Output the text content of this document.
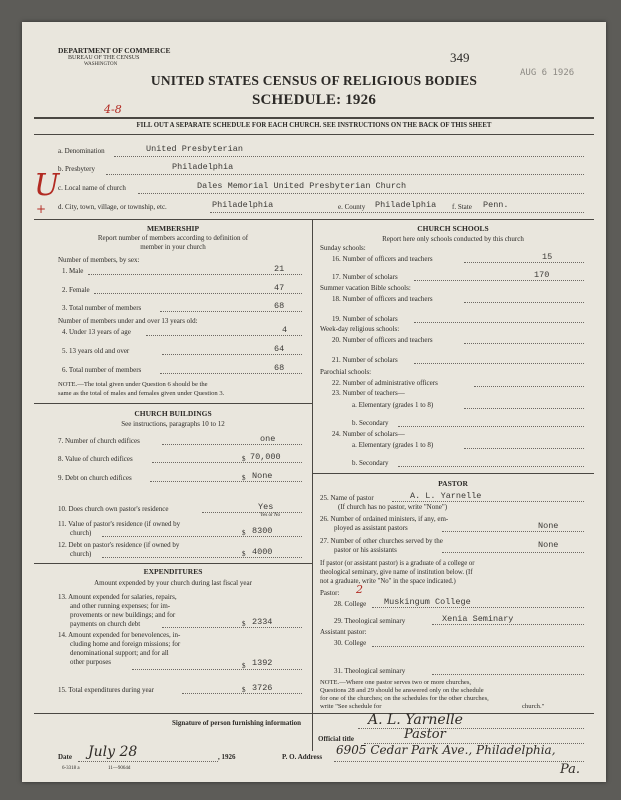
DEPARTMENT OF COMMERCE
BUREAU OF THE CENSUS
WASHINGTON	349
AUG 6 1926
UNITED STATES CENSUS OF RELIGIOUS BODIES
SCHEDULE: 1926
4-8
FILL OUT A SEPARATE SCHEDULE FOR EACH CHURCH. SEE INSTRUCTIONS ON THE BACK OF THIS SHEET
a. Denomination	United Presbyterian
b. Presbytery	Philadelphia
c. Local name of church	Dales Memorial United Presbyterian Church
U
+ d. City, town, village, or township, etc.	Philadelphia	e. County Philadelphia f. State Penn.
MEMBERSHIP
Report number of members according to definition of
member in your church
Number of members, by sex:
1. Male	21
2. Female	47
3. Total number of members	68
Number of members under and over 13 years old:
4. Under 13 years of age	4
5. 13 years old and over	64
6. Total number of members	68
NOTE.—The total given under Question 6 should be the
same as the total of males and females given under Question 3.
CHURCH BUILDINGS
See instructions, paragraphs 10 to 12
7. Number of church edifices	one
8. Value of church edifices	$ 70,000
9. Debt on church edifices	$ None
10. Does church own pastor's residence	Yes
Yes or No
11. Value of pastor's residence (if owned by
church)	$ 8300
12. Debt on pastor's residence (if owned by
church)	$ 4000
EXPENDITURES
Amount expended by your church during last fiscal year
13. Amount expended for salaries, repairs,
and other running expenses; for im-
provements or new buildings; and for
payments on church debt	$ 2334
14. Amount expended for benevolences, in-
cluding home and foreign missions; for
denominational support; and for all
other purposes	$ 1392
15. Total expenditures during year	$ 3726
CHURCH SCHOOLS
Report here only schools conducted by this church
Sunday schools:
16. Number of officers and teachers	15
17. Number of scholars	170
Summer vacation Bible schools:
18. Number of officers and teachers
19. Number of scholars
Week-day religious schools:
20. Number of officers and teachers
21. Number of scholars
Parochial schools:
22. Number of administrative officers
23. Number of teachers—
a. Elementary (grades 1 to 8)
b. Secondary
24. Number of scholars—
a. Elementary (grades 1 to 8)
b. Secondary
PASTOR
25. Name of pastor	A. L. Yarnelle
(If church has no pastor, write "None")
26. Number of ordained ministers, if any, em-
ployed as assistant pastors	None
27. Number of other churches served by the
pastor or his assistants	None
If pastor (or assistant pastor) is a graduate of a college or
theological seminary, give name of institution below. (If
not a graduate, write "No" in the space indicated.)
Pastor: 2
28. College Muskingum College
29. Theological seminary	Xenia Seminary
Assistant pastor:
30. College
31. Theological seminary
NOTE.—Where one pastor serves two or more churches,
Questions 28 and 29 should be answered only on the schedule
for one of the churches; on the schedules for the other churches,
write "See schedule for	church."
Signature of person furnishing information	A. L. Yarnelle
Official title	Pastor
Date July 28	, 1926	P. O. Address 6905 Cedar Park Ave., Philadelphia,
Pa.
6-3318 a	11—9064d
